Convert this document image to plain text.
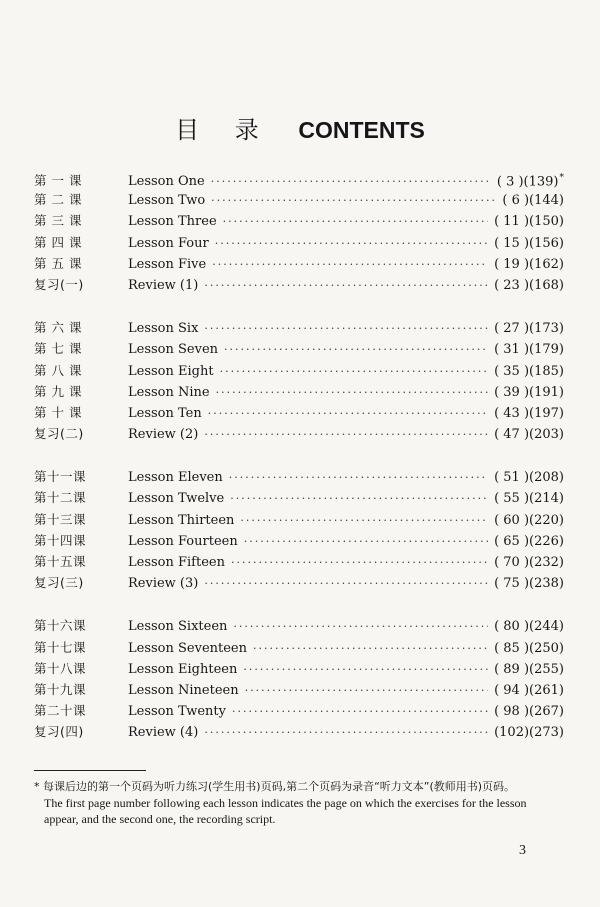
目 录 CONTENTS
第 一 课	Lesson One ·····	( 3 )(139)*
第 二 课	Lesson Two ·····	( 6 )(144)
第 三 课	Lesson Three ·····	( 11 )(150)
第 四 课	Lesson Four ·····	( 15 )(156)
第 五 课	Lesson Five ·····	( 19 )(162)
复习(一)	Review (1) ·····	( 23 )(168)
第 六 课	Lesson Six ·····	( 27 )(173)
第 七 课	Lesson Seven ·····	( 31 )(179)
第 八 课	Lesson Eight ·····	( 35 )(185)
第 九 课	Lesson Nine ·····	( 39 )(191)
第 十 课	Lesson Ten ·····	( 43 )(197)
复习(二)	Review (2) ·····	( 47 )(203)
第十一课	Lesson Eleven ·····	( 51 )(208)
第十二课	Lesson Twelve ·····	( 55 )(214)
第十三课	Lesson Thirteen ·····	( 60 )(220)
第十四课	Lesson Fourteen ·····	( 65 )(226)
第十五课	Lesson Fifteen ·····	( 70 )(232)
复习(三)	Review (3) ·····	( 75 )(238)
第十六课	Lesson Sixteen ·····	( 80 )(244)
第十七课	Lesson Seventeen ·····	( 85 )(250)
第十八课	Lesson Eighteen ·····	( 89 )(255)
第十九课	Lesson Nineteen ·····	( 94 )(261)
第二十课	Lesson Twenty ·····	( 98 )(267)
复习(四)	Review (4) ·····	(102)(273)
* 每课后边的第一个页码为听力练习(学生用书)页码,第二个页码为录音“听力文本”(教师用书)页码。
The first page number following each lesson indicates the page on which the exercises for the lesson appear, and the second one, the recording script.
3
